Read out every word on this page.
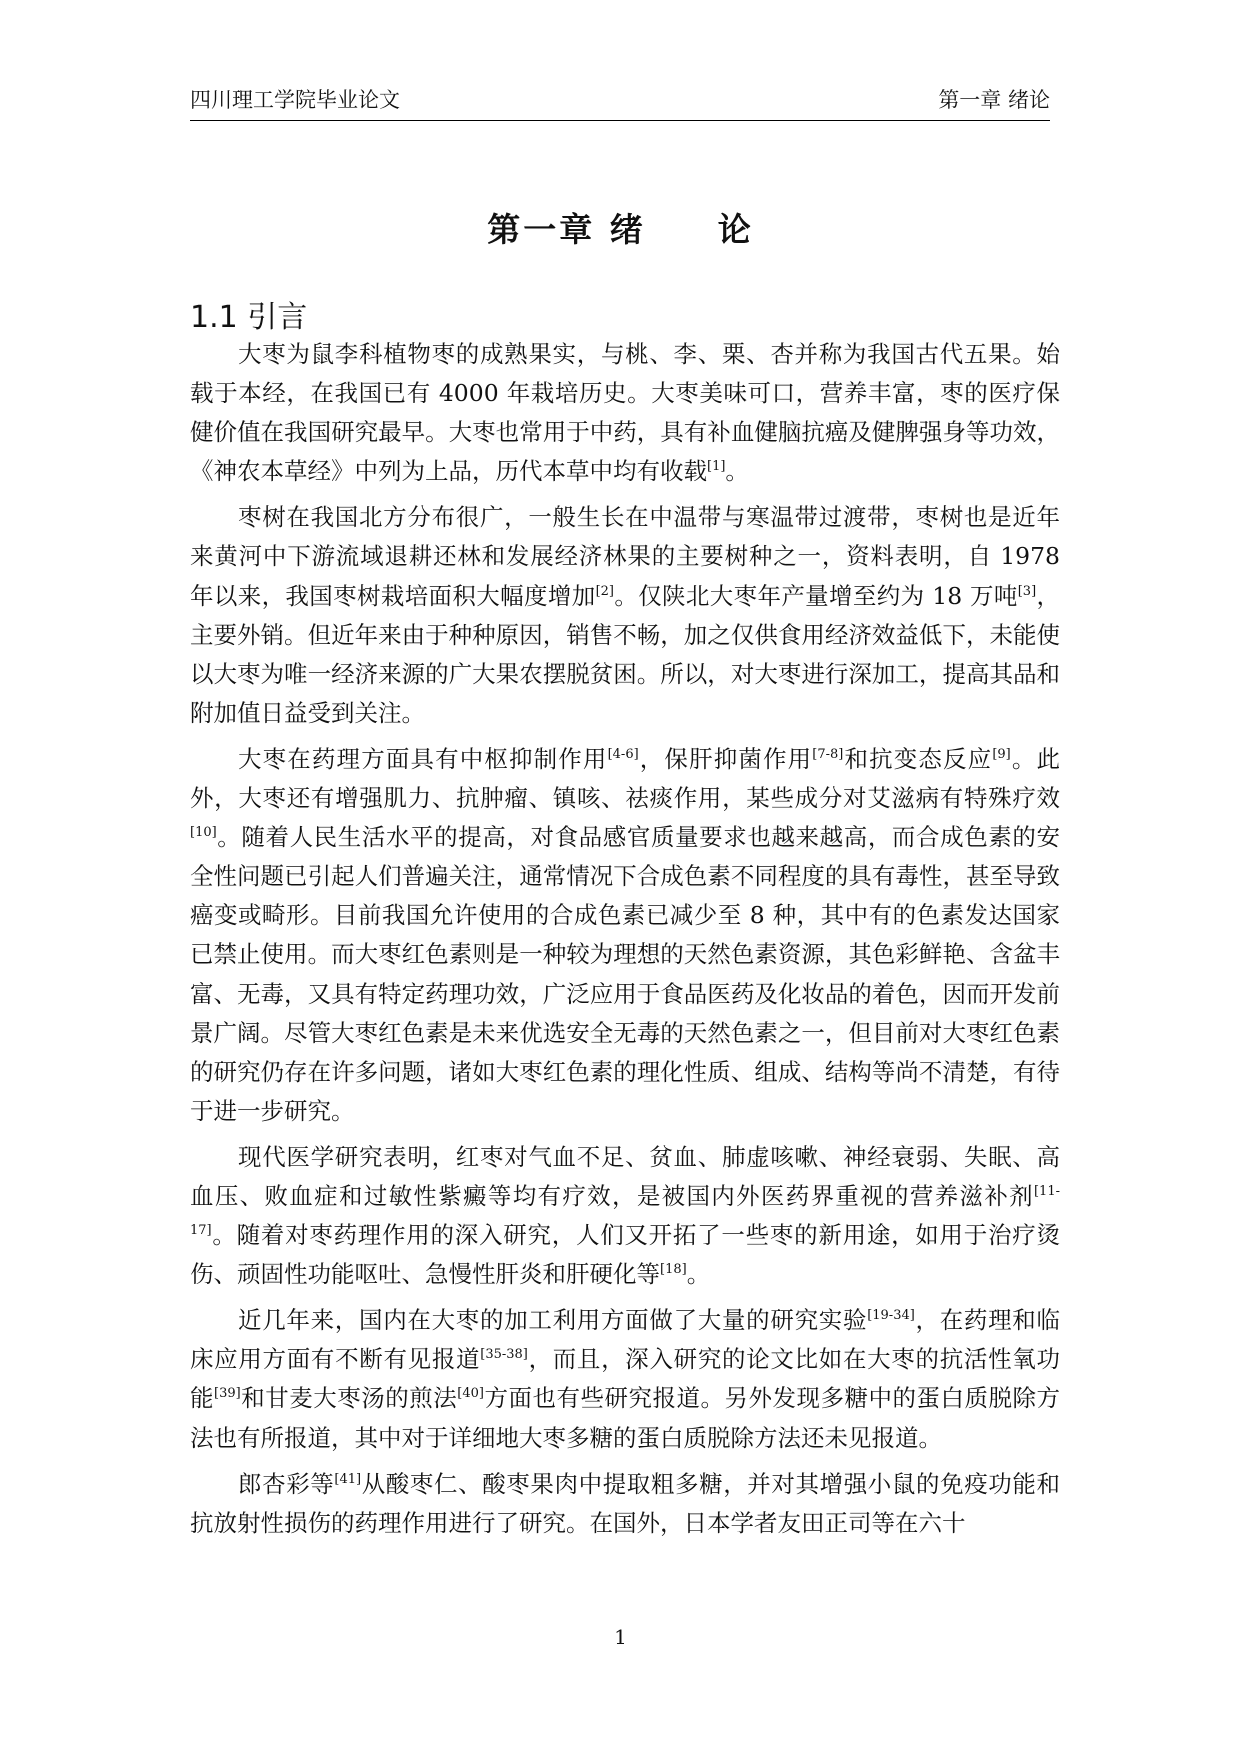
四川理工学院毕业论文	第一章 绪论
第一章 绪　　论
1.1 引言

大枣为鼠李科植物枣的成熟果实，与桃、李、栗、杏并称为我国古代五果。始载于本经，在我国已有 4000 年栽培历史。大枣美味可口，营养丰富，枣的医疗保健价值在我国研究最早。大枣也常用于中药，具有补血健脑抗癌及健脾强身等功效，《神农本草经》中列为上品，历代本草中均有收载[1]。

枣树在我国北方分布很广，一般生长在中温带与寒温带过渡带，枣树也是近年来黄河中下游流域退耕还林和发展经济林果的主要树种之一，资料表明，自 1978 年以来，我国枣树栽培面积大幅度增加[2]。仅陕北大枣年产量增至约为 18 万吨[3]，主要外销。但近年来由于种种原因，销售不畅，加之仅供食用经济效益低下，未能使以大枣为唯一经济来源的广大果农摆脱贫困。所以，对大枣进行深加工，提高其品和附加值日益受到关注。

大枣在药理方面具有中枢抑制作用[4-6]，保肝抑菌作用[7-8]和抗变态反应[9]。此外，大枣还有增强肌力、抗肿瘤、镇咳、祛痰作用，某些成分对艾滋病有特殊疗效[10]。随着人民生活水平的提高，对食品感官质量要求也越来越高，而合成色素的安全性问题已引起人们普遍关注，通常情况下合成色素不同程度的具有毒性，甚至导致癌变或畸形。目前我国允许使用的合成色素已减少至 8 种，其中有的色素发达国家已禁止使用。而大枣红色素则是一种较为理想的天然色素资源，其色彩鲜艳、含盆丰富、无毒，又具有特定药理功效，广泛应用于食品医药及化妆品的着色，因而开发前景广阔。尽管大枣红色素是未来优选安全无毒的天然色素之一，但目前对大枣红色素的研究仍存在许多问题，诸如大枣红色素的理化性质、组成、结构等尚不清楚，有待于进一步研究。

现代医学研究表明，红枣对气血不足、贫血、肺虚咳嗽、神经衰弱、失眠、高血压、败血症和过敏性紫癜等均有疗效，是被国内外医药界重视的营养滋补剂[11-17]。随着对枣药理作用的深入研究，人们又开拓了一些枣的新用途，如用于治疗烫伤、顽固性功能呕吐、急慢性肝炎和肝硬化等[18]。

近几年来，国内在大枣的加工利用方面做了大量的研究实验[19-34]，在药理和临床应用方面有不断有见报道[35-38]，而且，深入研究的论文比如在大枣的抗活性氧功能[39]和甘麦大枣汤的煎法[40]方面也有些研究报道。另外发现多糖中的蛋白质脱除方法也有所报道，其中对于详细地大枣多糖的蛋白质脱除方法还未见报道。

郎杏彩等[41]从酸枣仁、酸枣果肉中提取粗多糖，并对其增强小鼠的免疫功能和抗放射性损伤的药理作用进行了研究。在国外，日本学者友田正司等在六十

1
